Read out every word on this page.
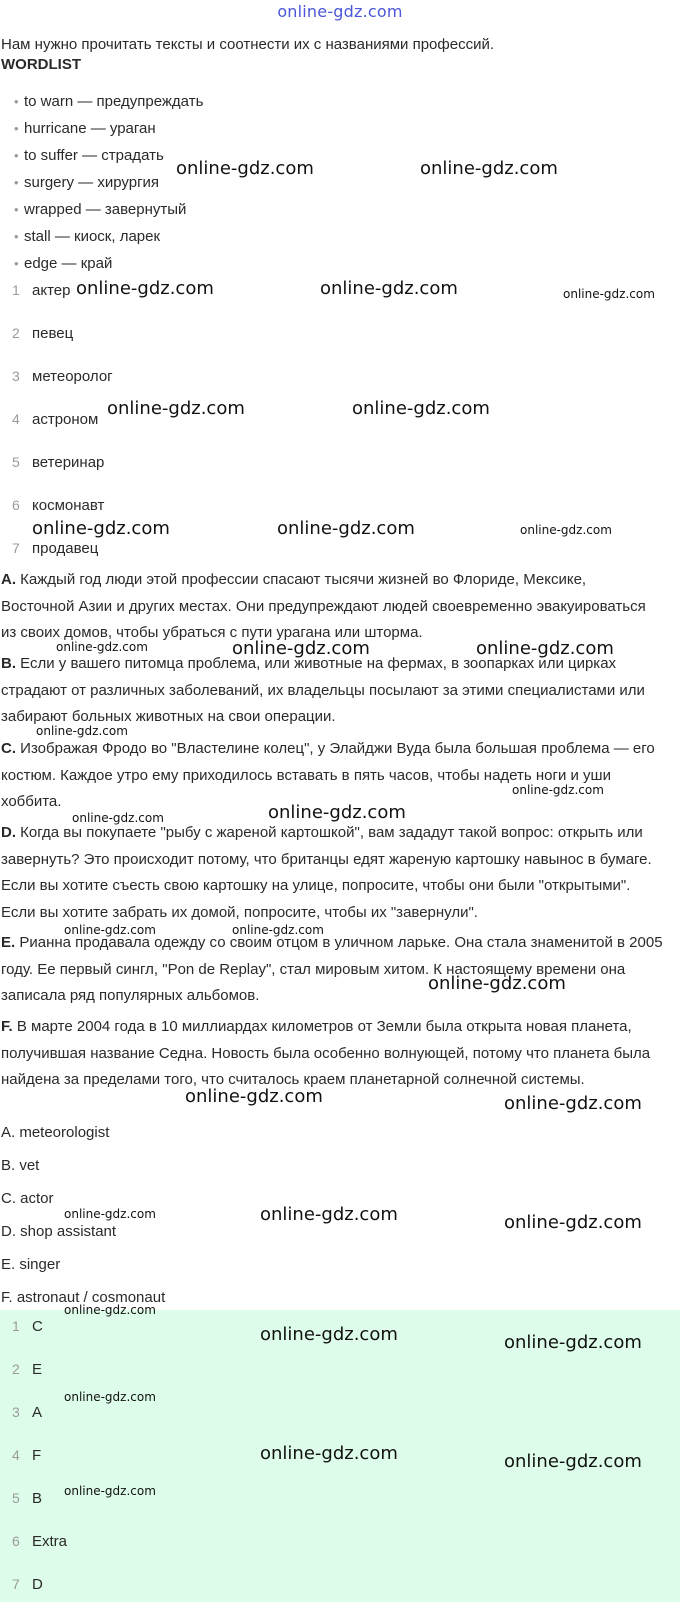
online-gdz.com
Нам нужно прочитать тексты и соотнести их с названиями профессий.
WORDLIST
• to warn — предупреждать
• hurricane — ураган
• to suffer — страдать
• surgery — хирургия
• wrapped — завернутый
• stall — киоск, ларек
• edge — край
1 актер
2 певец
3 метеоролог
4 астроном
5 ветеринар
6 космонавт
7 продавец

A. Каждый год люди этой профессии спасают тысячи жизней во Флориде, Мексике, Восточной Азии и других местах. Они предупреждают людей своевременно эвакуироваться из своих домов, чтобы убраться с пути урагана или шторма.

B. Если у вашего питомца проблема, или животные на фермах, в зоопарках или цирках страдают от различных заболеваний, их владельцы посылают за этими специалистами или забирают больных животных на свои операции.

C. Изображая Фродо во "Властелине колец", у Элайджи Вуда была большая проблема — его костюм. Каждое утро ему приходилось вставать в пять часов, чтобы надеть ноги и уши хоббита.

D. Когда вы покупаете "рыбу с жареной картошкой", вам зададут такой вопрос: открыть или завернуть? Это происходит потому, что британцы едят жареную картошку навынос в бумаге. Если вы хотите съесть свою картошку на улице, попросите, чтобы они были "открытыми". Если вы хотите забрать их домой, попросите, чтобы их "завернули".

E. Рианна продавала одежду со своим отцом в уличном ларьке. Она стала знаменитой в 2005 году. Ее первый сингл, "Pon de Replay", стал мировым хитом. К настоящему времени она записала ряд популярных альбомов.

F. В марте 2004 года в 10 миллиардах километров от Земли была открыта новая планета, получившая название Седна. Новость была особенно волнующей, потому что планета была найдена за пределами того, что считалось краем планетарной солнечной системы.

A. meteorologist
B. vet
C. actor
D. shop assistant
E. singer
F. astronaut / cosmonaut
1 C
2 E
3 A
4 F
5 B
6 Extra
7 D
online-gdz.com	online-gdz.com
online-gdz.com	online-gdz.com	online-gdz.com
online-gdz.com	online-gdz.com
online-gdz.com	online-gdz.com	online-gdz.com
online-gdz.com	online-gdz.com	online-gdz.com
online-gdz.com
online-gdz.com
online-gdz.com	online-gdz.com
online-gdz.com	online-gdz.com
online-gdz.com
online-gdz.com	online-gdz.com
online-gdz.com	online-gdz.com	online-gdz.com
online-gdz.com
online-gdz.com	online-gdz.com
online-gdz.com
online-gdz.com	online-gdz.com
online-gdz.com
